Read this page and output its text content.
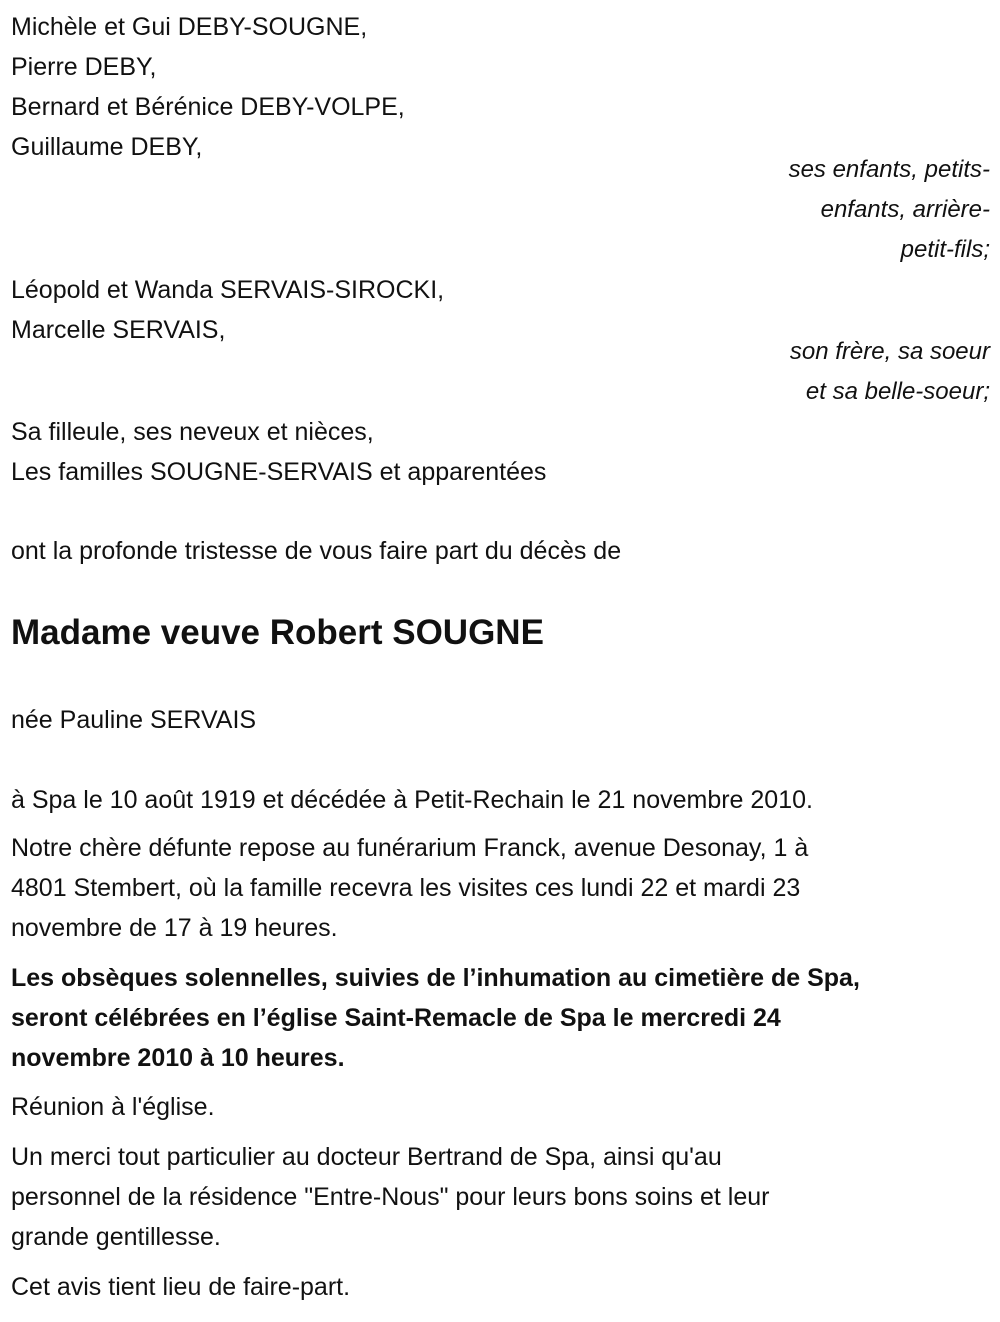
Michèle et Gui DEBY-SOUGNE,
Pierre DEBY,
Bernard et Bérénice DEBY-VOLPE,
Guillaume DEBY,
ses enfants, petits-
enfants, arrière-
petit-fils;
Léopold et Wanda SERVAIS-SIROCKI,
Marcelle SERVAIS,
son frère, sa soeur
et sa belle-soeur;
Sa filleule, ses neveux et nièces,
Les familles SOUGNE-SERVAIS et apparentées
ont la profonde tristesse de vous faire part du décès de
Madame veuve Robert SOUGNE
née Pauline SERVAIS
à Spa le 10 août 1919 et décédée à Petit-Rechain le 21 novembre 2010.
Notre chère défunte repose au funérarium Franck, avenue Desonay, 1 à
4801 Stembert, où la famille recevra les visites ces lundi 22 et mardi 23
novembre de 17 à 19 heures.
Les obsèques solennelles, suivies de l’inhumation au cimetière de Spa,
seront célébrées en l’église Saint-Remacle de Spa le mercredi 24
novembre 2010 à 10 heures.
Réunion à l'église.
Un merci tout particulier au docteur Bertrand de Spa, ainsi qu'au
personnel de la résidence "Entre-Nous" pour leurs bons soins et leur
grande gentillesse.
Cet avis tient lieu de faire-part.
